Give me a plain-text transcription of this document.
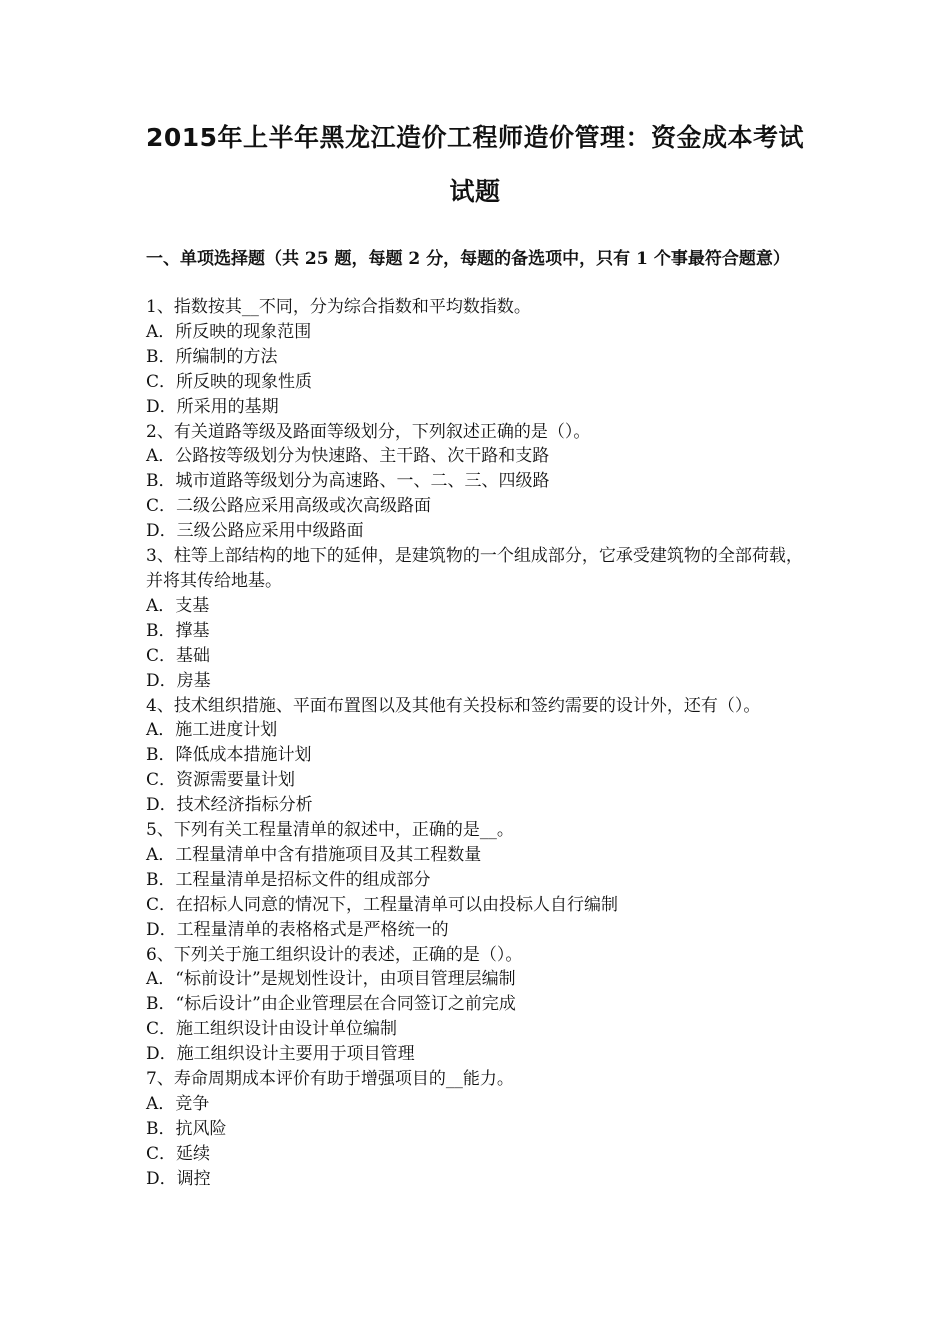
2015年上半年黑龙江造价工程师造价管理：资金成本考试
试题
一、单项选择题（共 25 题，每题 2 分，每题的备选项中，只有 1 个事最符合题意）

1、指数按其__不同，分为综合指数和平均数指数。

A．所反映的现象范围

B．所编制的方法

C．所反映的现象性质

D．所采用的基期

2、有关道路等级及路面等级划分，下列叙述正确的是（）。

A．公路按等级划分为快速路、主干路、次干路和支路

B．城市道路等级划分为高速路、一、二、三、四级路

C．二级公路应采用高级或次高级路面

D．三级公路应采用中级路面

3、柱等上部结构的地下的延伸，是建筑物的一个组成部分，它承受建筑物的全部荷载，并将其传给地基。

A．支基

B．撑基

C．基础

D．房基

4、技术组织措施、平面布置图以及其他有关投标和签约需要的设计外，还有（）。

A．施工进度计划

B．降低成本措施计划

C．资源需要量计划

D．技术经济指标分析

5、下列有关工程量清单的叙述中，正确的是__。

A．工程量清单中含有措施项目及其工程数量

B．工程量清单是招标文件的组成部分

C．在招标人同意的情况下，工程量清单可以由投标人自行编制

D．工程量清单的表格格式是严格统一的

6、下列关于施工组织设计的表述，正确的是（）。

A．“标前设计”是规划性设计，由项目管理层编制

B．“标后设计”由企业管理层在合同签订之前完成

C．施工组织设计由设计单位编制

D．施工组织设计主要用于项目管理

7、寿命周期成本评价有助于增强项目的__能力。

A．竞争

B．抗风险

C．延续

D．调控
